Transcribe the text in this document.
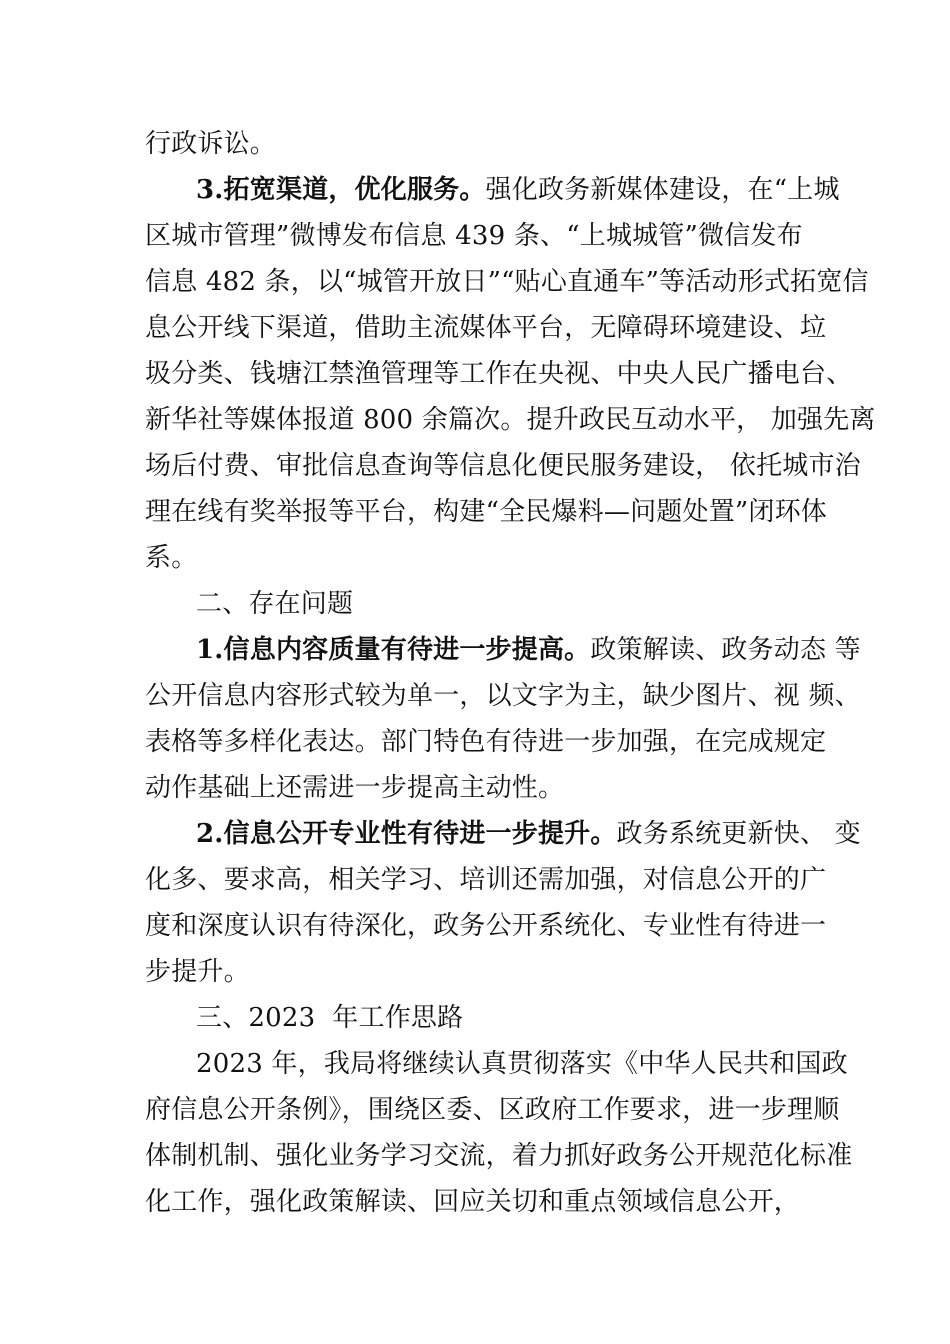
行政诉讼。
3.拓宽渠道，优化服务。强化政务新媒体建设，在“上城
区城市管理”微博发布信息 439 条、“上城城管”微信发布
信息 482 条，以“城管开放日”“贴心直通车”等活动形式拓宽信
息公开线下渠道，借助主流媒体平台，无障碍环境建设、垃
圾分类、钱塘江禁渔管理等工作在央视、中央人民广播电台、
新华社等媒体报道 800 余篇次。提升政民互动水平， 加强先离
场后付费、审批信息查询等信息化便民服务建设， 依托城市治
理在线有奖举报等平台，构建“全民爆料—问题处置”闭环体
系。
二、存在问题
1.信息内容质量有待进一步提高。政策解读、政务动态 等
公开信息内容形式较为单一，以文字为主，缺少图片、视 频、
表格等多样化表达。部门特色有待进一步加强，在完成规定
动作基础上还需进一步提高主动性。
2.信息公开专业性有待进一步提升。政务系统更新快、 变
化多、要求高，相关学习、培训还需加强，对信息公开的广
度和深度认识有待深化，政务公开系统化、专业性有待进一
步提升。
三、2023  年工作思路
2023 年，我局将继续认真贯彻落实《中华人民共和国政
府信息公开条例》，围绕区委、区政府工作要求，进一步理顺
体制机制、强化业务学习交流，着力抓好政务公开规范化标准
化工作，强化政策解读、回应关切和重点领域信息公开，
